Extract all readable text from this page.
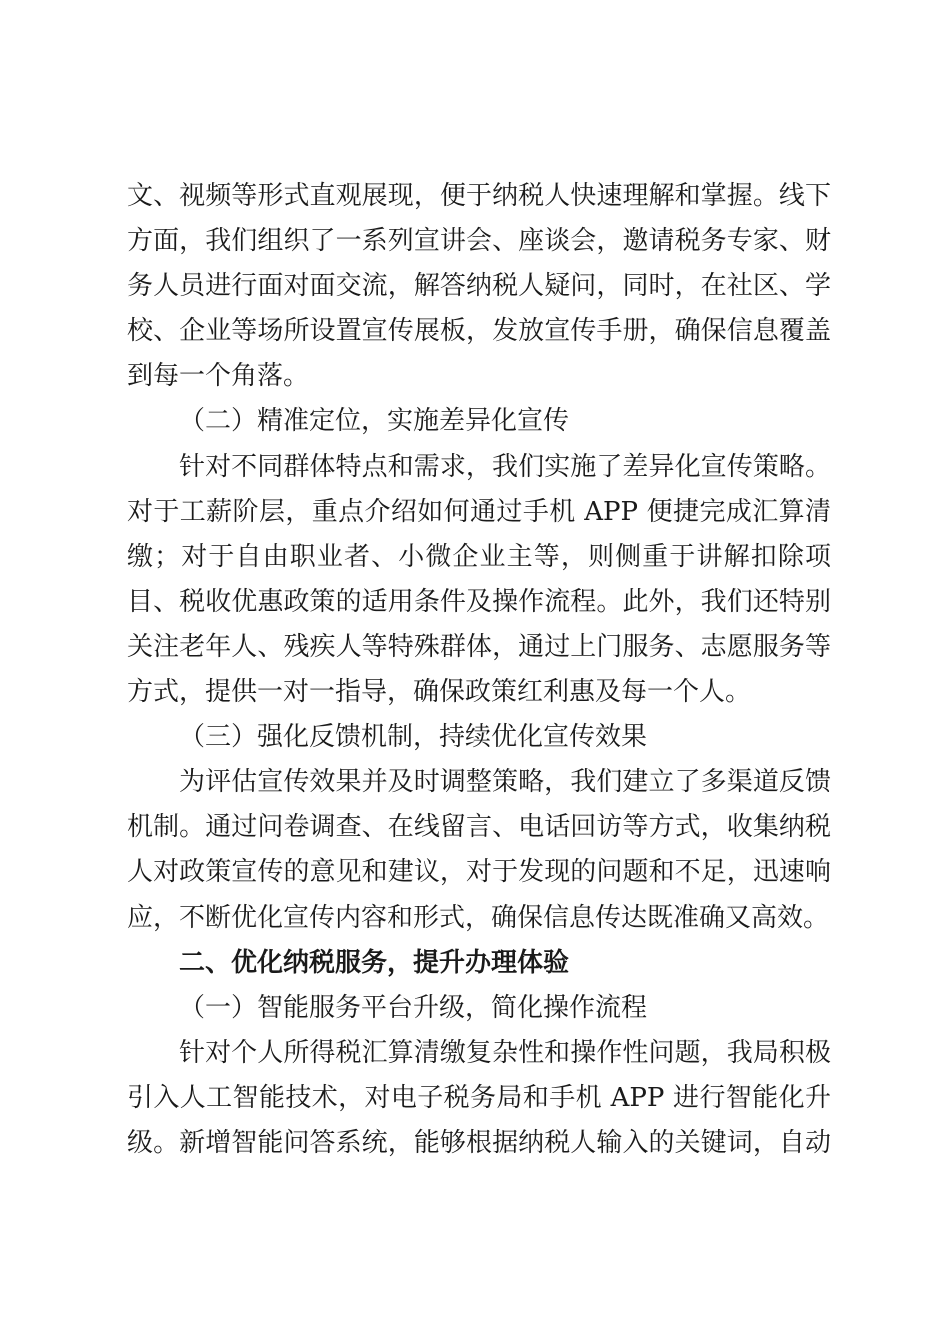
文、视频等形式直观展现，便于纳税人快速理解和掌握。线下
方面，我们组织了一系列宣讲会、座谈会，邀请税务专家、财
务人员进行面对面交流，解答纳税人疑问，同时，在社区、学
校、企业等场所设置宣传展板，发放宣传手册，确保信息覆盖
到每一个角落。
（二）精准定位，实施差异化宣传
针对不同群体特点和需求，我们实施了差异化宣传策略。
对于工薪阶层，重点介绍如何通过手机 APP 便捷完成汇算清
缴；对于自由职业者、小微企业主等，则侧重于讲解扣除项
目、税收优惠政策的适用条件及操作流程。此外，我们还特别
关注老年人、残疾人等特殊群体，通过上门服务、志愿服务等
方式，提供一对一指导，确保政策红利惠及每一个人。
（三）强化反馈机制，持续优化宣传效果
为评估宣传效果并及时调整策略，我们建立了多渠道反馈
机制。通过问卷调查、在线留言、电话回访等方式，收集纳税
人对政策宣传的意见和建议，对于发现的问题和不足，迅速响
应，不断优化宣传内容和形式，确保信息传达既准确又高效。
二、优化纳税服务，提升办理体验
（一）智能服务平台升级，简化操作流程
针对个人所得税汇算清缴复杂性和操作性问题，我局积极
引入人工智能技术，对电子税务局和手机 APP 进行智能化升
级。新增智能问答系统，能够根据纳税人输入的关键词，自动
